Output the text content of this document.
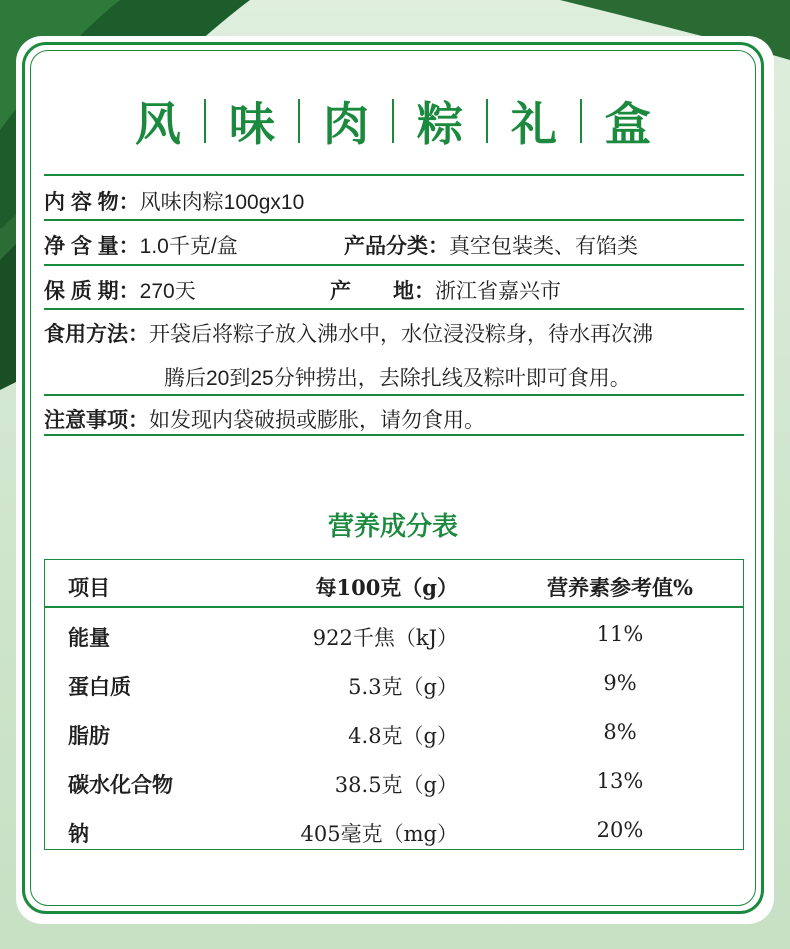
风	味	肉	粽	礼	盒
内 容 物：风味肉粽100gx10
净 含 量：1.0千克/盒	产品分类：真空包装类、有馅类
保 质 期：270天	产　　地：浙江省嘉兴市
食用方法：开袋后将粽子放入沸水中，水位浸没粽身，待水再次沸
腾后20到25分钟捞出，去除扎线及粽叶即可食用。
注意事项：如发现内袋破损或膨胀，请勿食用。
营养成分表
项目	每100克（g）	营养素参考值%
能量	922千焦（kJ）	11%
蛋白质	5.3克（g）	9%
脂肪	4.8克（g）	8%
碳水化合物	38.5克（g）	13%
钠	405毫克（mg）	20%
